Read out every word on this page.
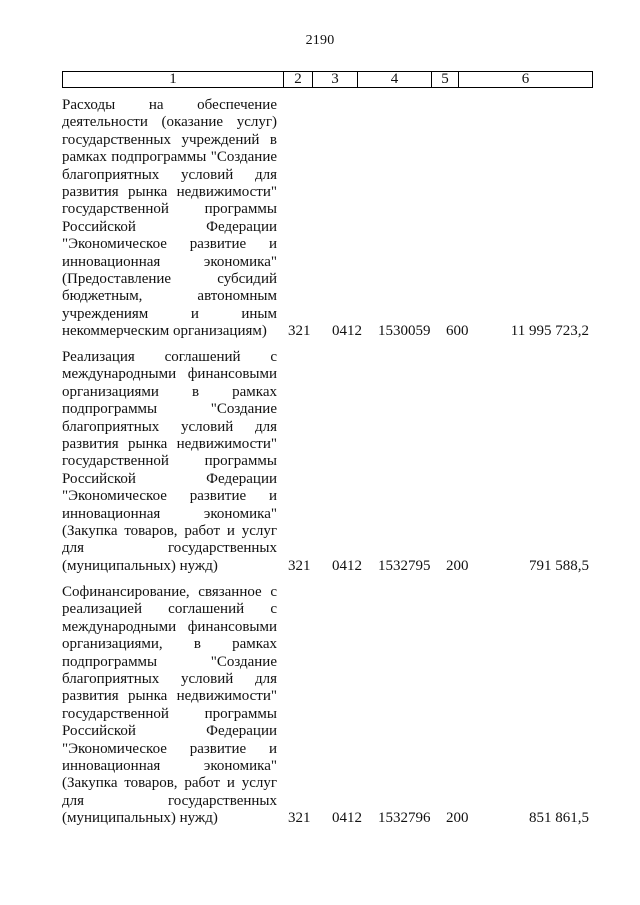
2190
1	2	3	4	5	6
Расходы на обеспечение
деятельности (оказание услуг)
государственных учреждений в
рамках подпрограммы "Создание
благоприятных условий для
развития рынка недвижимости"
государственной программы
Российской Федерации
"Экономическое развитие и
инновационная экономика"
(Предоставление субсидий
бюджетным, автономным
учреждениям и иным
некоммерческим организациям)	321 0412 1530059 600	11 995 723,2
Реализация соглашений с
международными финансовыми
организациями в рамках
подпрограммы "Создание
благоприятных условий для
развития рынка недвижимости"
государственной программы
Российской Федерации
"Экономическое развитие и
инновационная экономика"
(Закупка товаров, работ и услуг
для государственных
(муниципальных) нужд)	321 0412 1532795 200	791 588,5
Софинансирование, связанное с
реализацией соглашений с
международными финансовыми
организациями, в рамках
подпрограммы "Создание
благоприятных условий для
развития рынка недвижимости"
государственной программы
Российской Федерации
"Экономическое развитие и
инновационная экономика"
(Закупка товаров, работ и услуг
для государственных
(муниципальных) нужд)	321 0412 1532796 200	851 861,5
